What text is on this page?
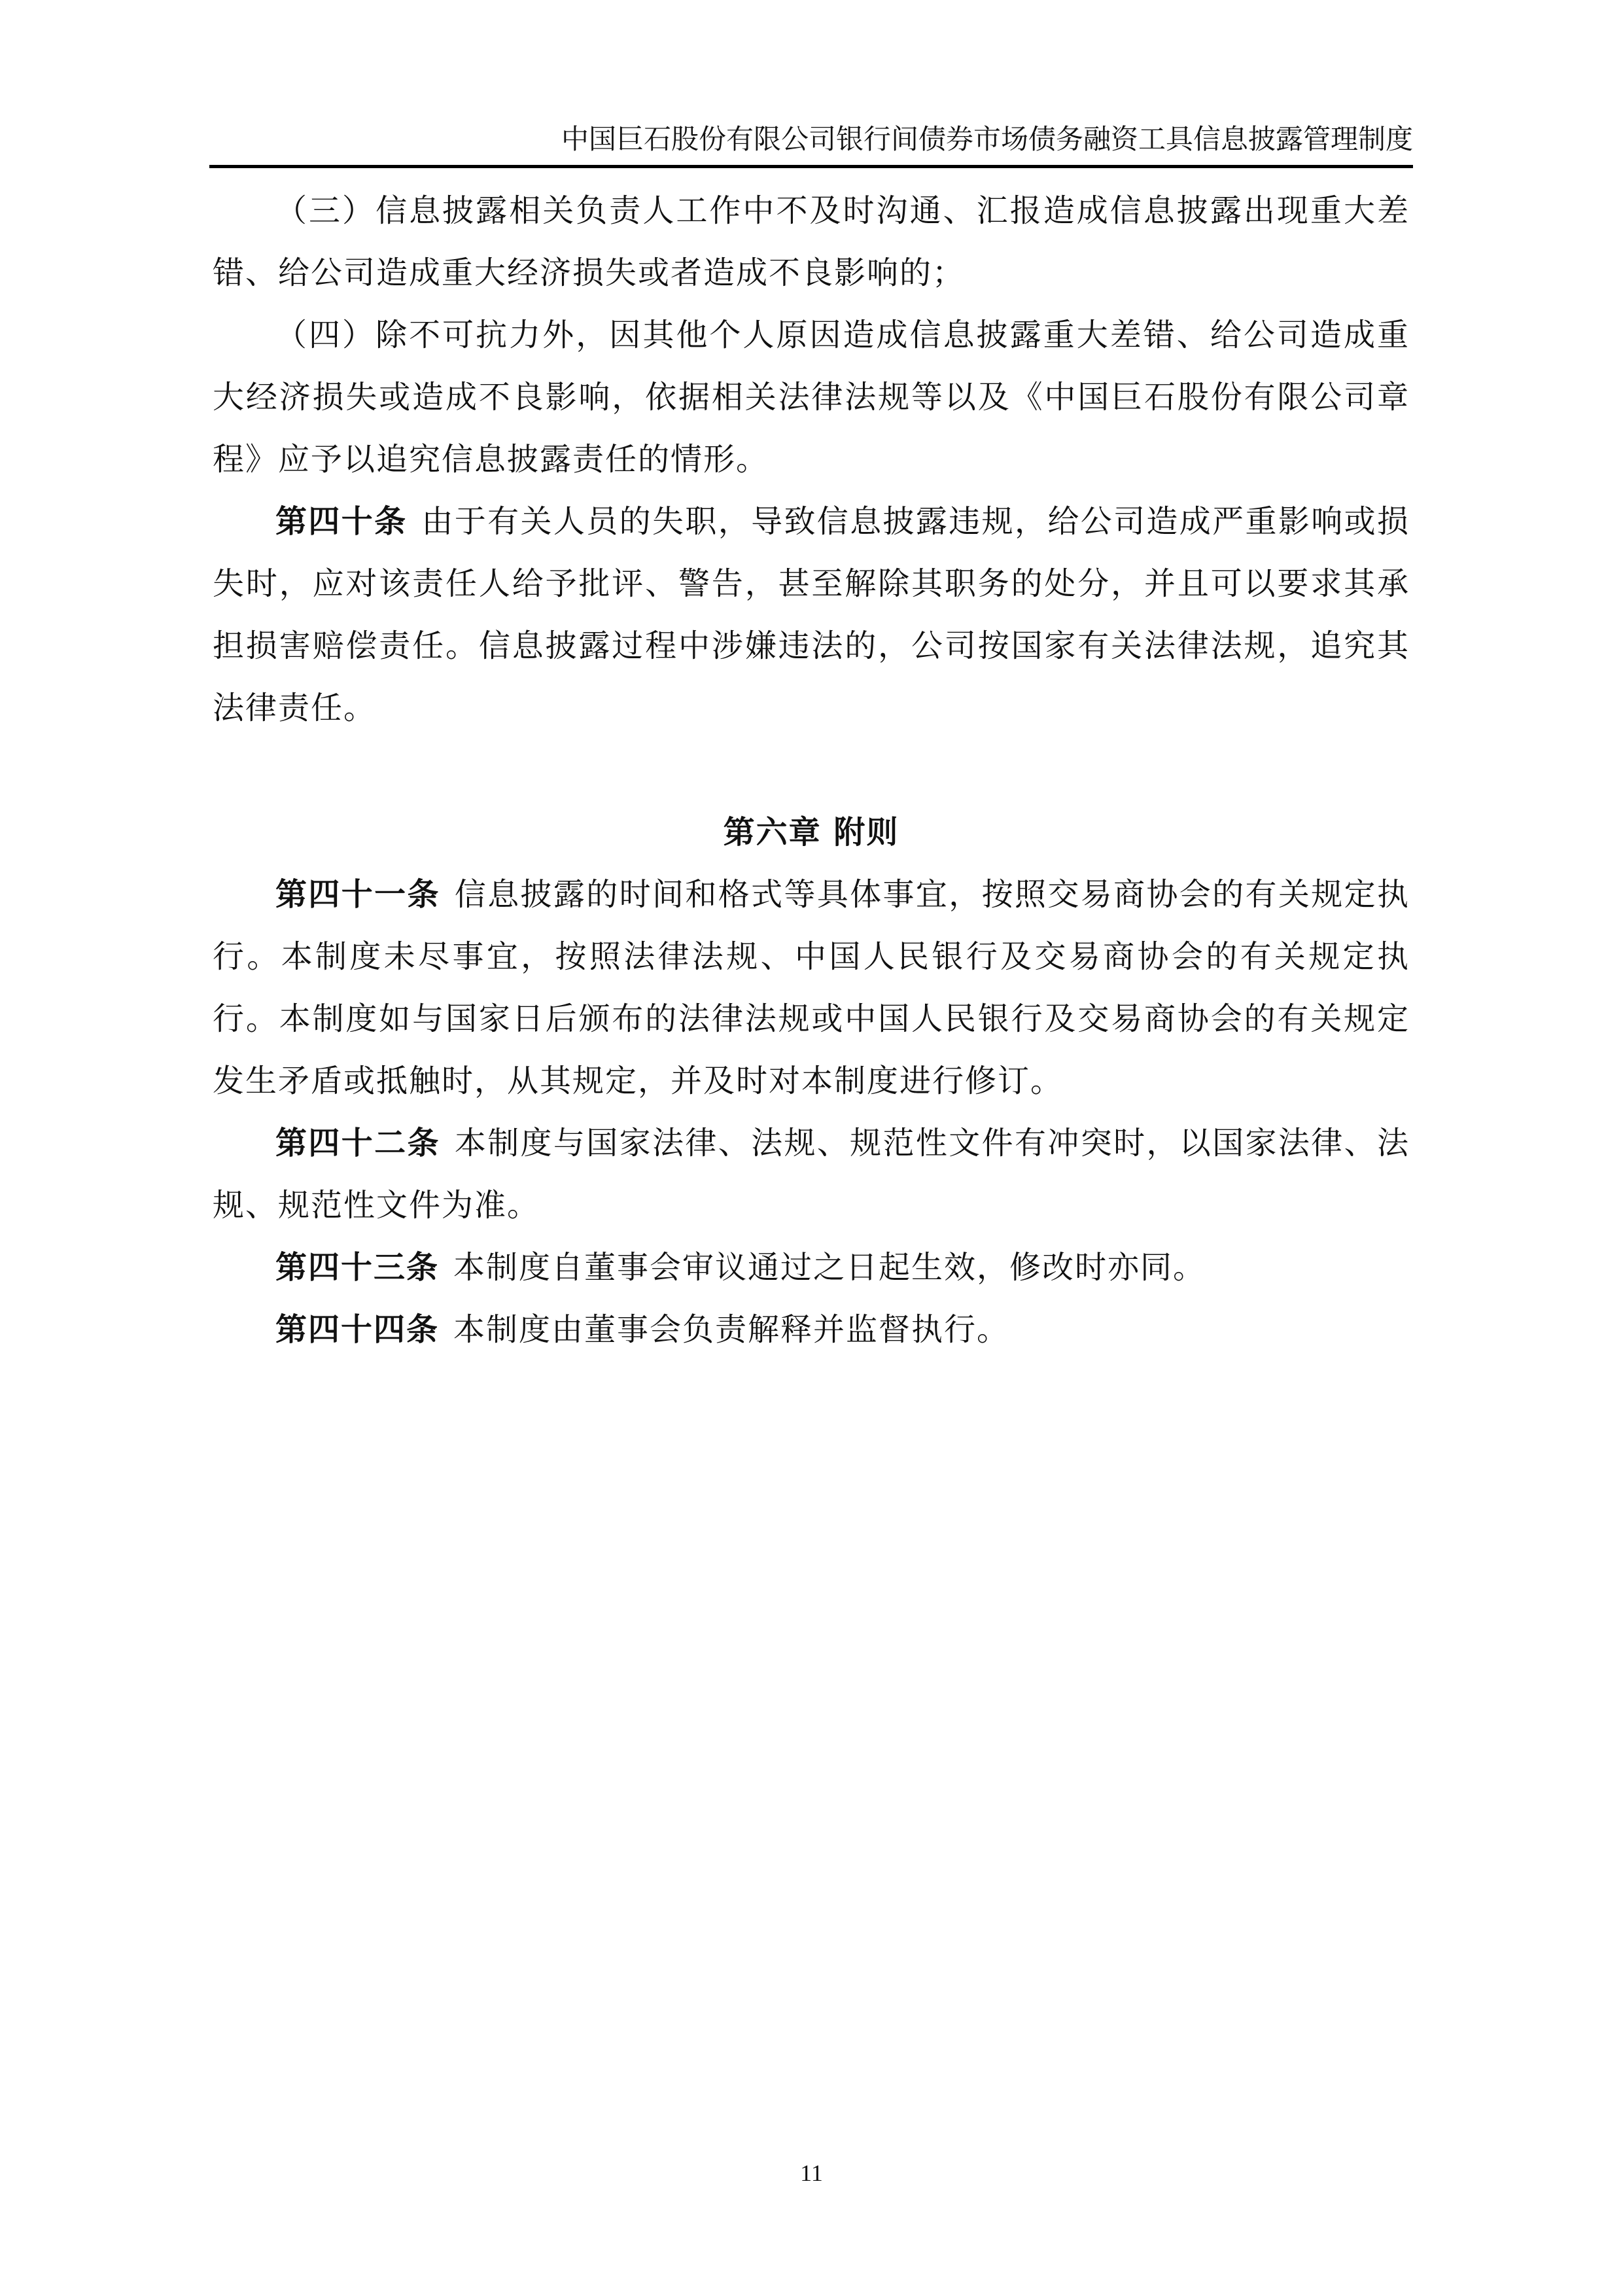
中国巨石股份有限公司银行间债券市场债务融资工具信息披露管理制度

（三）信息披露相关负责人工作中不及时沟通、汇报造成信息披露出现重大差错、给公司造成重大经济损失或者造成不良影响的；

（四）除不可抗力外，因其他个人原因造成信息披露重大差错、给公司造成重大经济损失或造成不良影响，依据相关法律法规等以及《中国巨石股份有限公司章程》应予以追究信息披露责任的情形。

第四十条 由于有关人员的失职，导致信息披露违规，给公司造成严重影响或损失时，应对该责任人给予批评、警告，甚至解除其职务的处分，并且可以要求其承担损害赔偿责任。信息披露过程中涉嫌违法的，公司按国家有关法律法规，追究其法律责任。

第六章 附则

第四十一条 信息披露的时间和格式等具体事宜，按照交易商协会的有关规定执行。本制度未尽事宜，按照法律法规、中国人民银行及交易商协会的有关规定执行。本制度如与国家日后颁布的法律法规或中国人民银行及交易商协会的有关规定发生矛盾或抵触时，从其规定，并及时对本制度进行修订。

第四十二条 本制度与国家法律、法规、规范性文件有冲突时，以国家法律、法规、规范性文件为准。

第四十三条 本制度自董事会审议通过之日起生效，修改时亦同。

第四十四条 本制度由董事会负责解释并监督执行。

11
